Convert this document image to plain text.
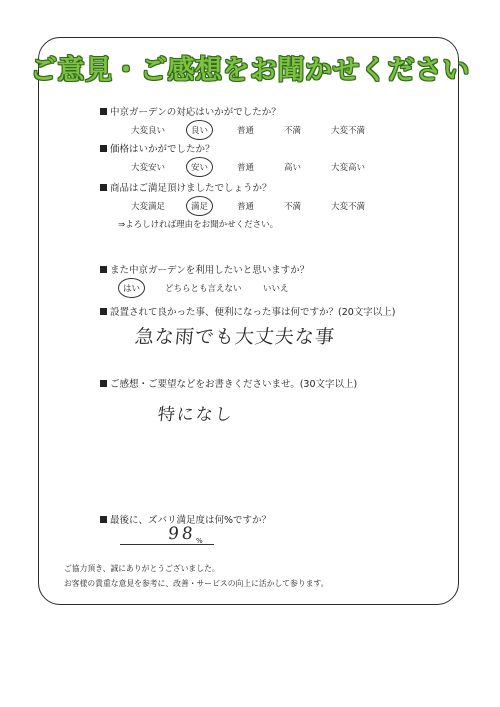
ご意見・ご感想をお聞かせください
中京ガーデンの対応はいかがでしたか？
大変良い	良い	普通	不満	大変不満
価格はいかがでしたか？
大変安い	安い	普通	高い	大変高い
商品はご満足頂けましたでしょうか？
大変満足	満足	普通	不満	大変不満
⇒よろしければ理由をお聞かせください。
また中京ガーデンを利用したいと思いますか？
はい	どちらとも言えない	いいえ
設置されて良かった事、便利になった事は何ですか？(20文字以上)
急な雨でも大丈夫な事
ご感想・ご要望などをお書きくださいませ。(30文字以上)
特になし
最後に、ズバリ満足度は何%ですか？
98 %
ご協力頂き、誠にありがとうございました。
お客様の貴重な意見を参考に、改善・サービスの向上に活かして参ります。
